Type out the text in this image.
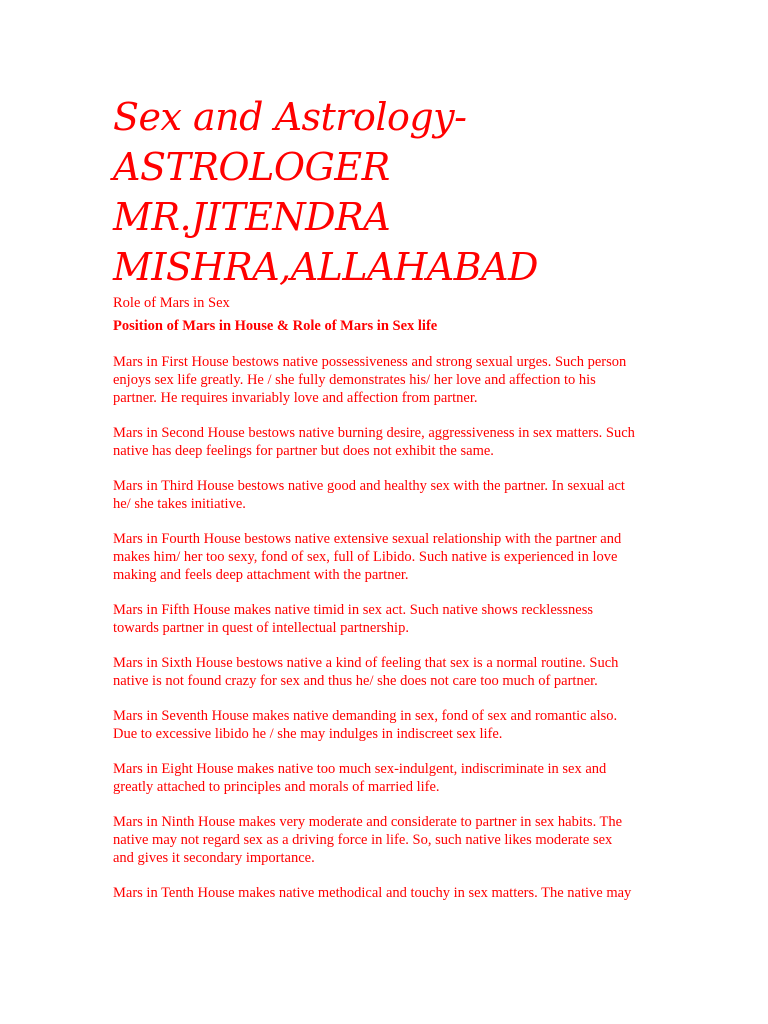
Sex and Astrology-
ASTROLOGER
MR.JITENDRA
MISHRA,ALLAHABAD

Role of Mars in Sex

Position of Mars in House & Role of Mars in Sex life

Mars in First House bestows native possessiveness and strong sexual urges. Such person
enjoys sex life greatly. He / she fully demonstrates his/ her love and affection to his
partner. He requires invariably love and affection from partner.

Mars in Second House bestows native burning desire, aggressiveness in sex matters. Such
native has deep feelings for partner but does not exhibit the same.

Mars in Third House bestows native good and healthy sex with the partner. In sexual act
he/ she takes initiative.

Mars in Fourth House bestows native extensive sexual relationship with the partner and
makes him/ her too sexy, fond of sex, full of Libido. Such native is experienced in love
making and feels deep attachment with the partner.

Mars in Fifth House makes native timid in sex act. Such native shows recklessness
towards partner in quest of intellectual partnership.

Mars in Sixth House bestows native a kind of feeling that sex is a normal routine. Such
native is not found crazy for sex and thus he/ she does not care too much of partner.

Mars in Seventh House makes native demanding in sex, fond of sex and romantic also.
Due to excessive libido he / she may indulges in indiscreet sex life.

Mars in Eight House makes native too much sex-indulgent, indiscriminate in sex and
greatly attached to principles and morals of married life.

Mars in Ninth House makes very moderate and considerate to partner in sex habits. The
native may not regard sex as a driving force in life. So, such native likes moderate sex
and gives it secondary importance.

Mars in Tenth House makes native methodical and touchy in sex matters. The native may
